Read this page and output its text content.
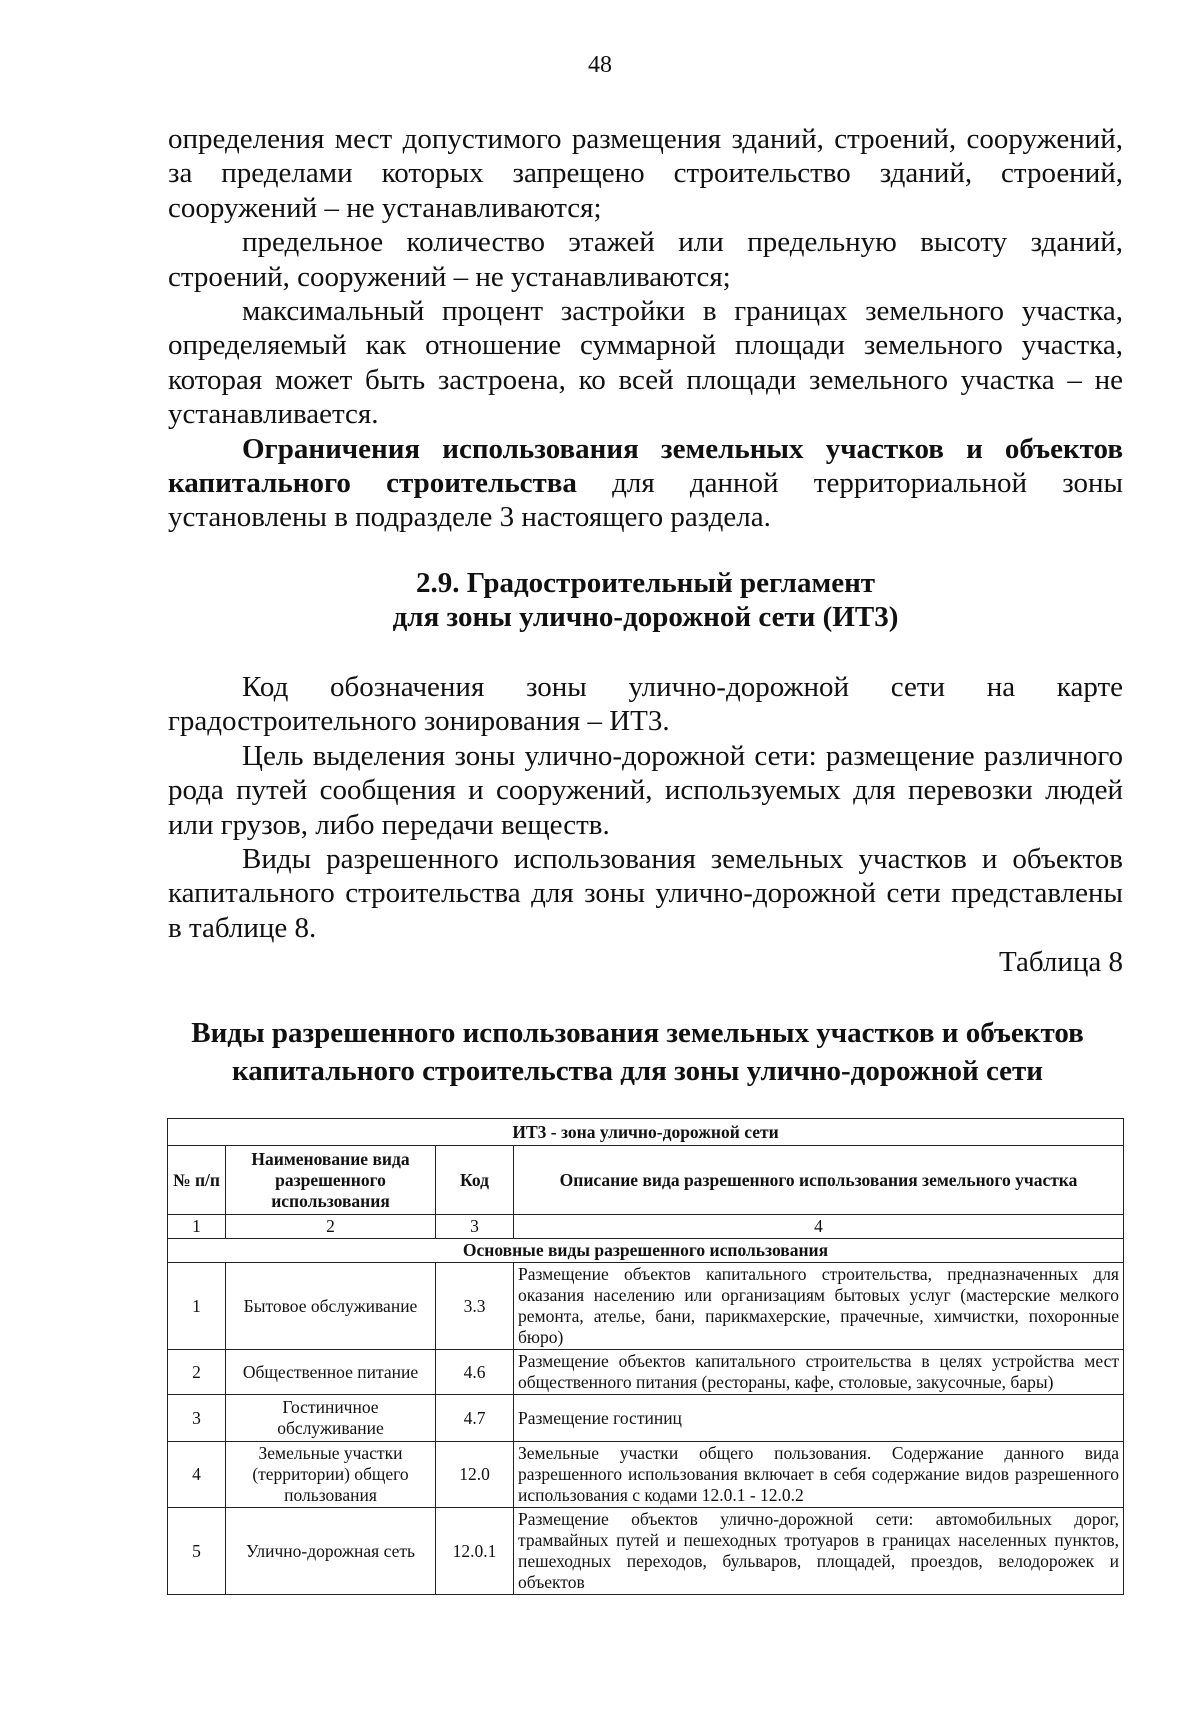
48

определения мест допустимого размещения зданий, строений, сооружений, за пределами которых запрещено строительство зданий, строений, сооружений – не устанавливаются;

предельное количество этажей или предельную высоту зданий, строений, сооружений – не устанавливаются;

максимальный процент застройки в границах земельного участка, определяемый как отношение суммарной площади земельного участка, которая может быть застроена, ко всей площади земельного участка – не устанавливается.

Ограничения использования земельных участков и объектов капитального строительства для данной территориальной зоны установлены в подразделе 3 настоящего раздела.

2.9. Градостроительный регламент
для зоны улично-дорожной сети (ИТ3)

Код обозначения зоны улично-дорожной сети на карте градостроительного зонирования – ИТ3.

Цель выделения зоны улично-дорожной сети: размещение различного рода путей сообщения и сооружений, используемых для перевозки людей или грузов, либо передачи веществ.

Виды разрешенного использования земельных участков и объектов капитального строительства для зоны улично-дорожной сети представлены в таблице 8.

Таблица 8
Виды разрешенного использования земельных участков и объектов
капитального строительства для зоны улично-дорожной сети
ИТ3 - зона улично-дорожной сети			
№ п/п	Наименование вида разрешенного использования	Код	Описание вида разрешенного использования земельного участка
1	2	3	4
Основные виды разрешенного использования			
1	Бытовое обслуживание	3.3	Размещение объектов капитального строительства, предназначенных для оказания населению или организациям бытовых услуг (мастерские мелкого ремонта, ателье, бани, парикмахерские, прачечные, химчистки, похоронные бюро)
2	Общественное питание	4.6	Размещение объектов капитального строительства в целях устройства мест общественного питания (рестораны, кафе, столовые, закусочные, бары)
3	Гостиничное обслуживание	4.7	Размещение гостиниц
4	Земельные участки (территории) общего пользования	12.0	Земельные участки общего пользования. Содержание данного вида разрешенного использования включает в себя содержание видов разрешенного использования с кодами 12.0.1 - 12.0.2
5	Улично-дорожная сеть	12.0.1	Размещение объектов улично-дорожной сети: автомобильных дорог, трамвайных путей и пешеходных тротуаров в границах населенных пунктов, пешеходных переходов, бульваров, площадей, проездов, велодорожек и объектов
